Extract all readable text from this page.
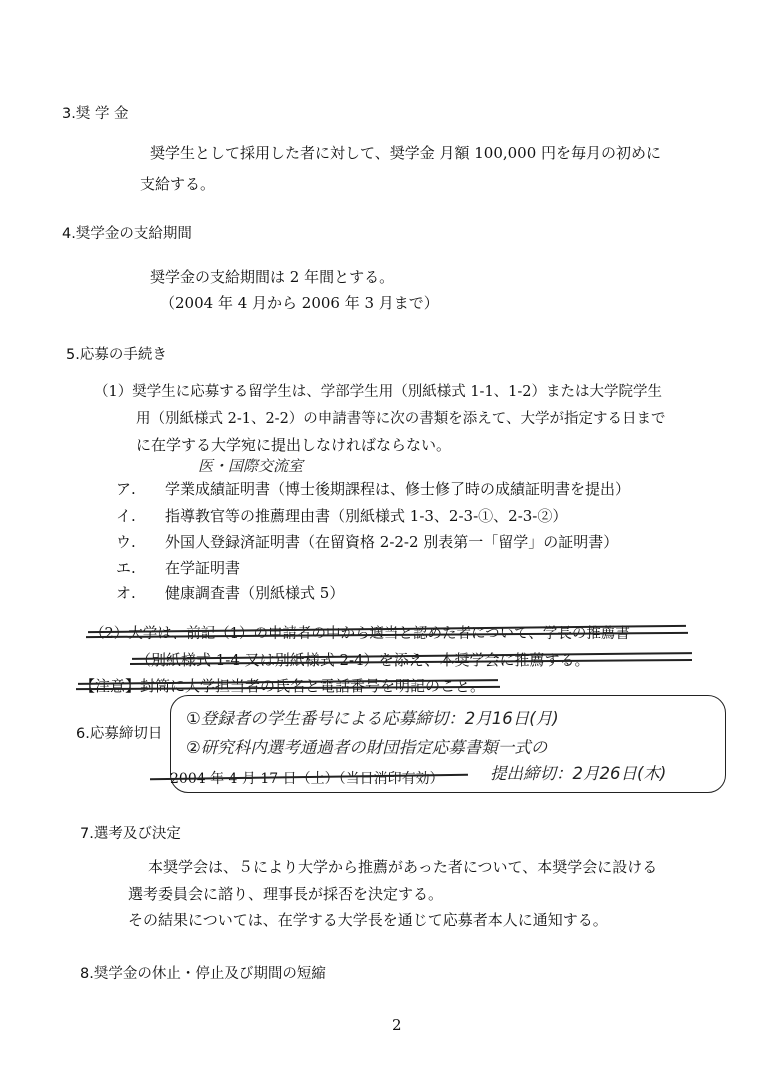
3.奨 学 金
奨学生として採用した者に対して、奨学金 月額 100,000 円を毎月の初めに
支給する。
4.奨学金の支給期間
奨学金の支給期間は 2 年間とする。
（2004 年 4 月から 2006 年 3 月まで）
5.応募の手続き
（1）奨学生に応募する留学生は、学部学生用（別紙様式 1-1、1-2）または大学院学生
用（別紙様式 2-1、2-2）の申請書等に次の書類を添えて、大学が指定する日まで
に在学する大学宛に提出しなければならない。
医・国際交流室
ア. 学業成績証明書（博士後期課程は、修士修了時の成績証明書を提出）
イ. 指導教官等の推薦理由書（別紙様式 1-3、2-3-①、2-3-②）
ウ. 外国人登録済証明書（在留資格 2-2-2 別表第一「留学」の証明書）
エ. 在学証明書
オ. 健康調査書（別紙様式 5）
（2）大学は、前記（1）の申請者の中から適当と認めた者について、学長の推薦書
（別紙様式 1-4 又は別紙様式 2-4）を添え、本奨学会に推薦する。
【注意】封筒に大学担当者の氏名と電話番号を明記のこと。
6.応募締切日
①登録者の学生番号による応募締切：2月16日(月)
②研究科内選考通過者の財団指定応募書類一式の
提出締切：2月26日(木)
2004 年 4 月 17 日（土）（当日消印有効）
7.選考及び決定
本奨学会は、５により大学から推薦があった者について、本奨学会に設ける
選考委員会に諮り、理事長が採否を決定する。
その結果については、在学する大学長を通じて応募者本人に通知する。
8.奨学金の休止・停止及び期間の短縮
2
